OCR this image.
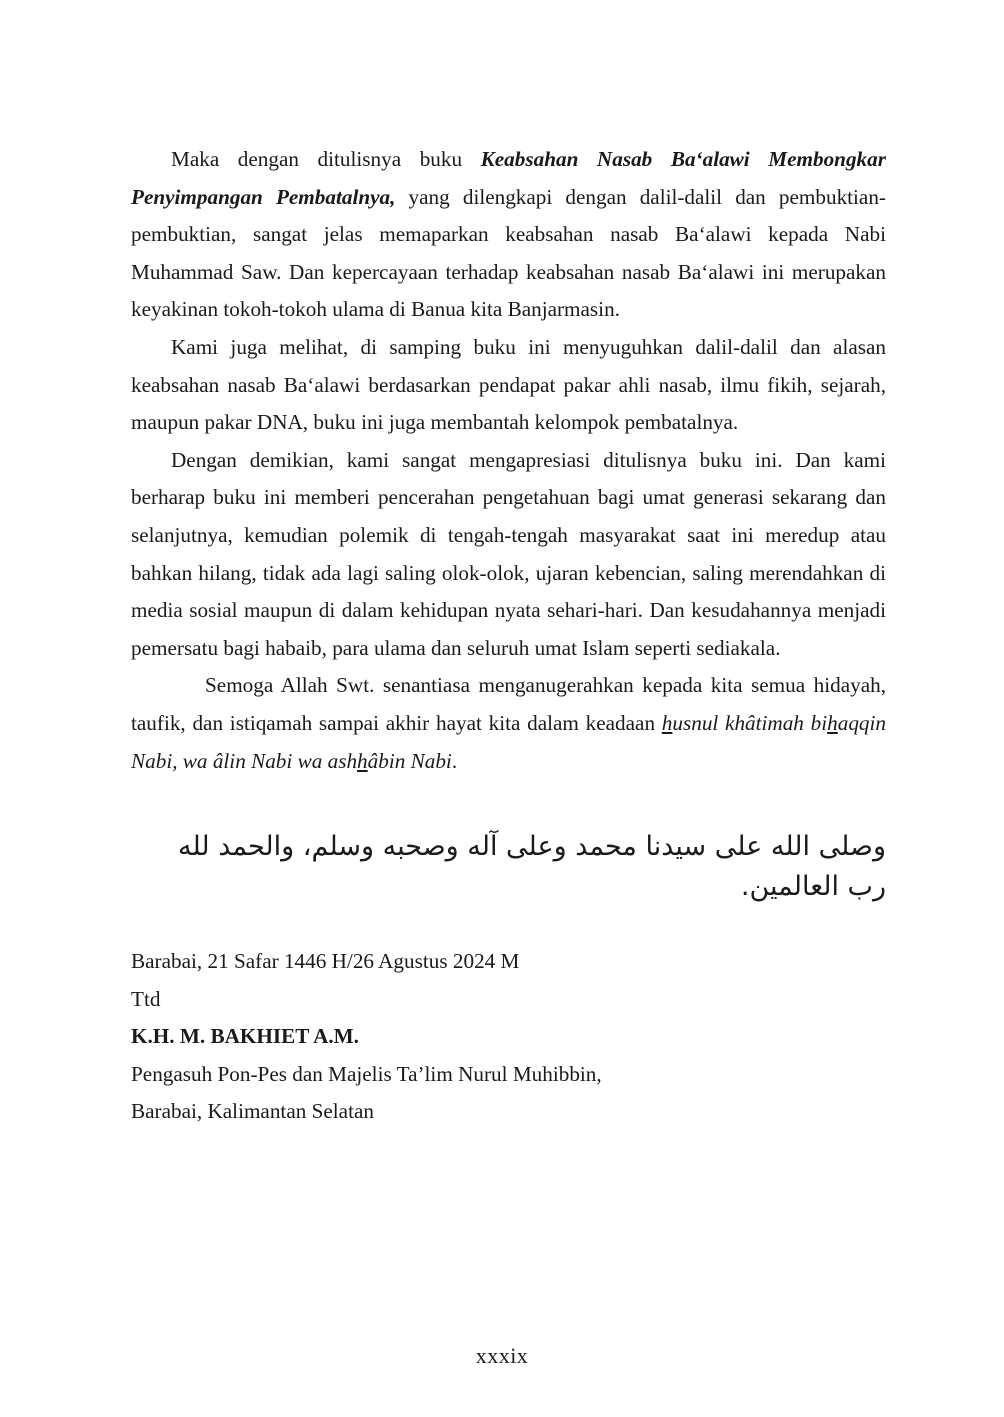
Maka dengan ditulisnya buku Keabsahan Nasab Ba‘alawi Membongkar Penyimpangan Pembatalnya, yang dilengkapi dengan dalil-dalil dan pembuktian-pembuktian, sangat jelas memaparkan keabsahan nasab Ba‘alawi kepada Nabi Muhammad Saw. Dan kepercayaan terhadap keabsahan nasab Ba‘alawi ini merupakan keyakinan tokoh-tokoh ulama di Banua kita Banjarmasin.

Kami juga melihat, di samping buku ini menyuguhkan dalil-dalil dan alasan keabsahan nasab Ba‘alawi berdasarkan pendapat pakar ahli nasab, ilmu fikih, sejarah, maupun pakar DNA, buku ini juga membantah kelompok pembatalnya.

Dengan demikian, kami sangat mengapresiasi ditulisnya buku ini. Dan kami berharap buku ini memberi pencerahan pengetahuan bagi umat generasi sekarang dan selanjutnya, kemudian polemik di tengah-tengah masyarakat saat ini meredup atau bahkan hilang, tidak ada lagi saling olok-olok, ujaran kebencian, saling merendahkan di media sosial maupun di dalam kehidupan nyata sehari-hari. Dan kesudahannya menjadi pemersatu bagi habaib, para ulama dan seluruh umat Islam seperti sediakala.

Semoga Allah Swt. senantiasa menganugerahkan kepada kita semua hidayah, taufik, dan istiqamah sampai akhir hayat kita dalam keadaan husnul khâtimah bihaqqin Nabi, wa âlin Nabi wa ashhâbin Nabi.

وصلى الله على سيدنا محمد وعلى آله وصحبه وسلم، والحمد لله رب العالمين.
Barabai, 21 Safar 1446 H/26 Agustus 2024 M
Ttd
K.H. M. BAKHIET A.M.
Pengasuh Pon-Pes dan Majelis Ta’lim Nurul Muhibbin,
Barabai, Kalimantan Selatan
xxxix
